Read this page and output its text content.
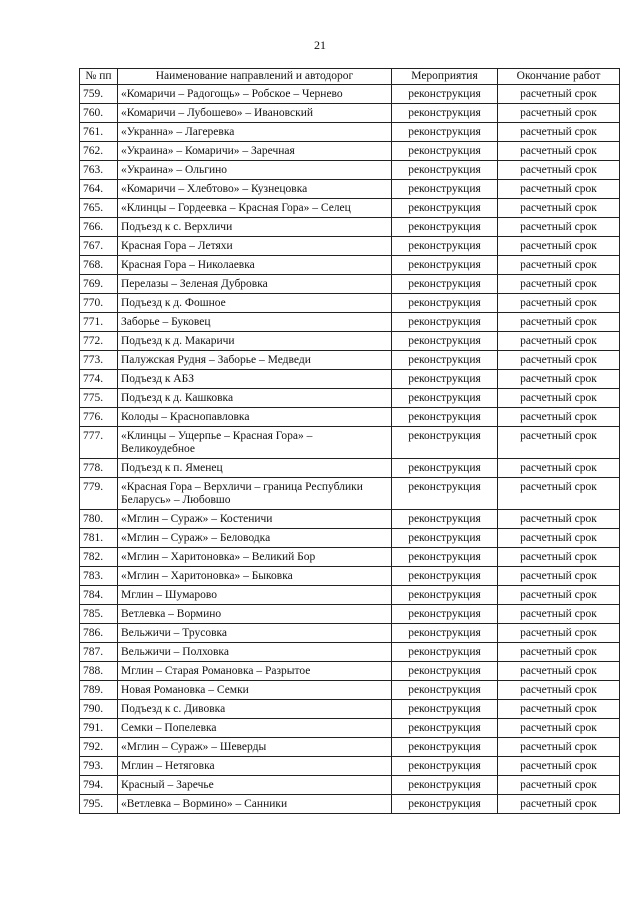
21
№ пп	Наименование направлений и автодорог	Мероприятия	Окончание работ
759.	«Комаричи – Радогощь» – Робское – Чернево	реконструкция	расчетный срок
760.	«Комаричи – Лубошево» – Ивановский	реконструкция	расчетный срок
761.	«Укранна» – Лагеревка	реконструкция	расчетный срок
762.	«Украина» – Комаричи» – Заречная	реконструкция	расчетный срок
763.	«Украина» – Ольгино	реконструкция	расчетный срок
764.	«Комаричи – Хлебтово» – Кузнецовка	реконструкция	расчетный срок
765.	«Клинцы – Гордеевка – Красная Гора» – Селец	реконструкция	расчетный срок
766.	Подъезд к с. Верхличи	реконструкция	расчетный срок
767.	Красная Гора – Летяхи	реконструкция	расчетный срок
768.	Красная Гора – Николаевка	реконструкция	расчетный срок
769.	Перелазы – Зеленая Дубровка	реконструкция	расчетный срок
770.	Подъезд к д. Фошное	реконструкция	расчетный срок
771.	Заборье – Буковец	реконструкция	расчетный срок
772.	Подъезд к д. Макаричи	реконструкция	расчетный срок
773.	Палужская Рудня – Заборье – Медведи	реконструкция	расчетный срок
774.	Подъезд к АБЗ	реконструкция	расчетный срок
775.	Подъезд к д. Кашковка	реконструкция	расчетный срок
776.	Колоды – Краснопавловка	реконструкция	расчетный срок
777.	«Клинцы – Ущерпье – Красная Гора» – Великоудебное	реконструкция	расчетный срок
778.	Подъезд к п. Яменец	реконструкция	расчетный срок
779.	«Красная Гора – Верхличи – граница Республики Беларусь» – Любовшо	реконструкция	расчетный срок
780.	«Мглин – Сураж» – Костеничи	реконструкция	расчетный срок
781.	«Мглин – Сураж» – Беловодка	реконструкция	расчетный срок
782.	«Мглин – Харитоновка» – Великий Бор	реконструкция	расчетный срок
783.	«Мглин – Харитоновка» – Быковка	реконструкция	расчетный срок
784.	Мглин – Шумарово	реконструкция	расчетный срок
785.	Ветлевка – Вормино	реконструкция	расчетный срок
786.	Вельжичи – Трусовка	реконструкция	расчетный срок
787.	Вельжичи – Полховка	реконструкция	расчетный срок
788.	Мглин – Старая Романовка – Разрытое	реконструкция	расчетный срок
789.	Новая Романовка – Семки	реконструкция	расчетный срок
790.	Подъезд к с. Дивовка	реконструкция	расчетный срок
791.	Семки – Попелевка	реконструкция	расчетный срок
792.	«Мглин – Сураж» – Шеверды	реконструкция	расчетный срок
793.	Мглин – Нетяговка	реконструкция	расчетный срок
794.	Красный – Заречье	реконструкция	расчетный срок
795.	«Ветлевка – Вормино» – Санники	реконструкция	расчетный срок
